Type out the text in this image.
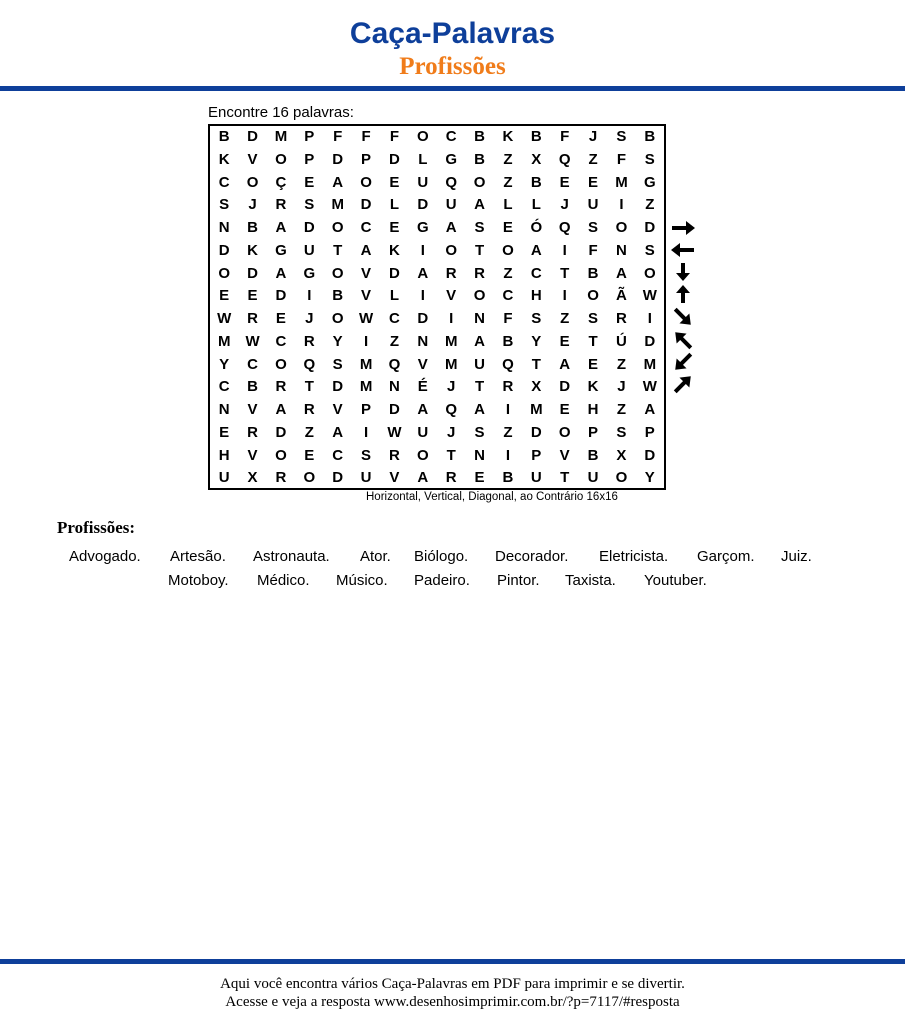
Caça-Palavras
Profissões
Encontre 16 palavras:
B	D	M	P	F	F	F	O	C	B	K	B	F	J	S	B
K	V	O	P	D	P	D	L	G	B	Z	X	Q	Z	F	S
C	O	Ç	E	A	O	E	U	Q	O	Z	B	E	E	M	G
S	J	R	S	M	D	L	D	U	A	L	L	J	U	I	Z
N	B	A	D	O	C	E	G	A	S	E	Ó	Q	S	O	D
D	K	G	U	T	A	K	I	O	T	O	A	I	F	N	S
O	D	A	G	O	V	D	A	R	R	Z	C	T	B	A	O
E	E	D	I	B	V	L	I	V	O	C	H	I	O	Ã	W
W	R	E	J	O	W	C	D	I	N	F	S	Z	S	R	I
M	W	C	R	Y	I	Z	N	M	A	B	Y	E	T	Ú	D
Y	C	O	Q	S	M	Q	V	M	U	Q	T	A	E	Z	M
C	B	R	T	D	M	N	É	J	T	R	X	D	K	J	W
N	V	A	R	V	P	D	A	Q	A	I	M	E	H	Z	A
E	R	D	Z	A	I	W	U	J	S	Z	D	O	P	S	P
H	V	O	E	C	S	R	O	T	N	I	P	V	B	X	D
U	X	R	O	D	U	V	A	R	E	B	U	T	U	O	Y
Horizontal, Vertical, Diagonal, ao Contrário 16x16
Profissões:
Advogado. Artesão. Astronauta. Ator. Biólogo. Decorador. Eletricista. Garçom. Juiz.
Motoboy. Médico. Músico. Padeiro. Pintor. Taxista. Youtuber.
Aqui você encontra vários Caça-Palavras em PDF para imprimir e se divertir.
Acesse e veja a resposta www.desenhosimprimir.com.br/?p=7117/#resposta
